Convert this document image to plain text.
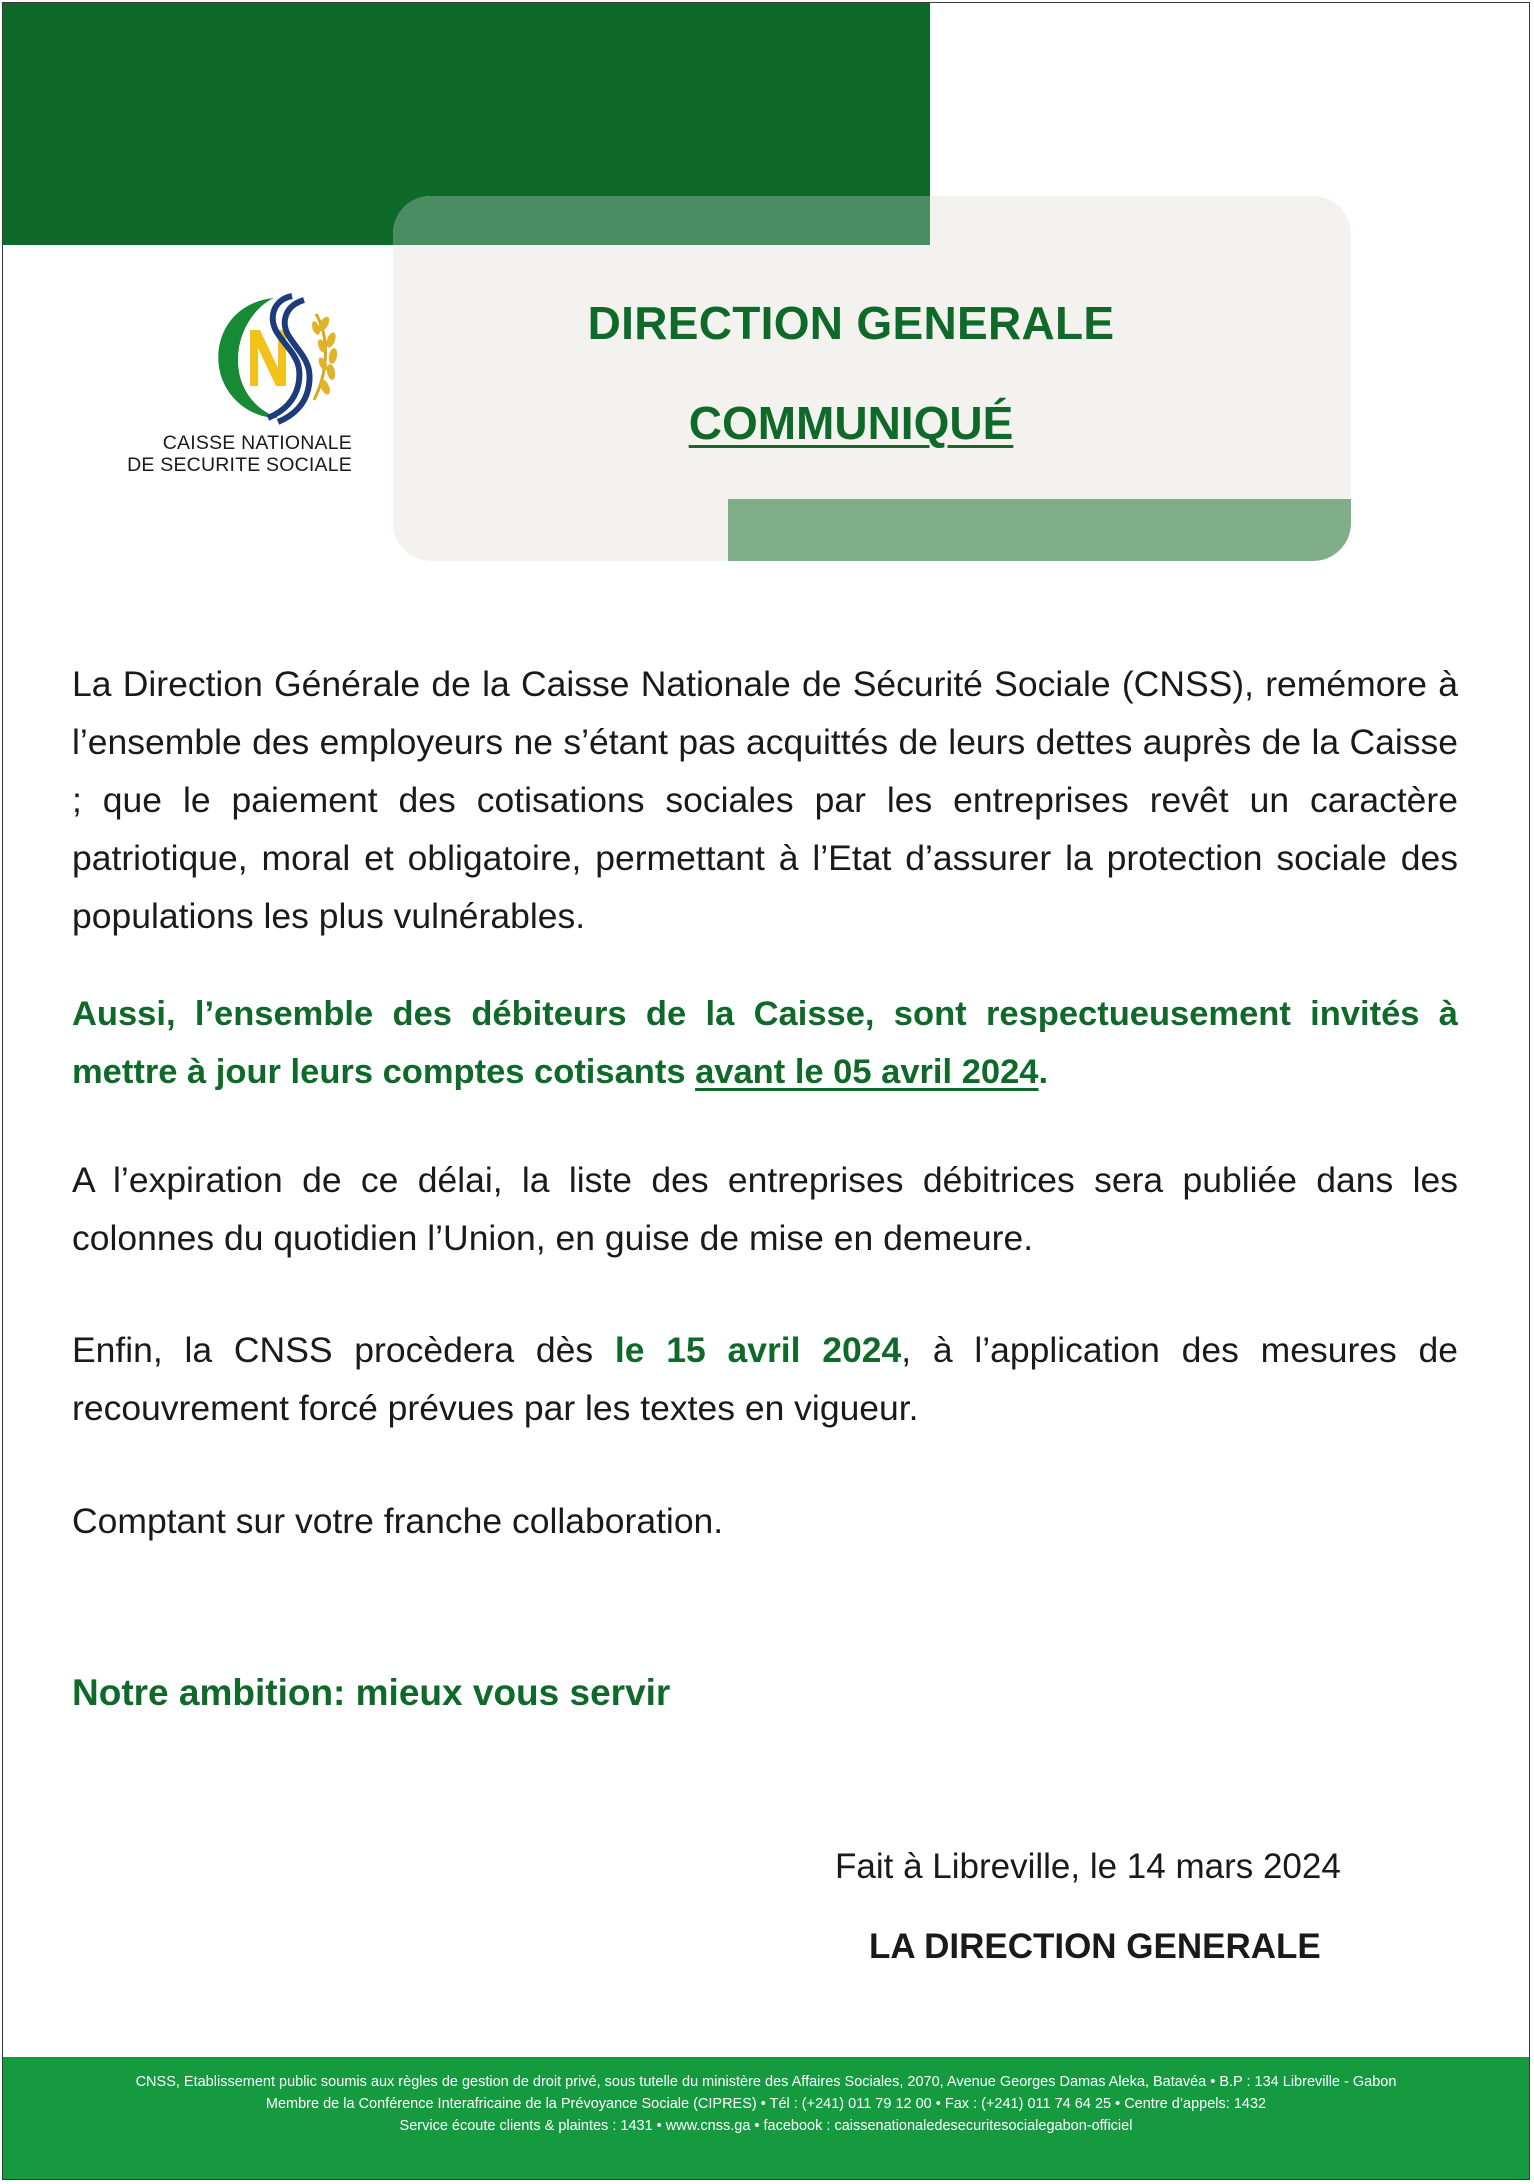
DIRECTION GENERALE
COMMUNIQUÉ
CAISSE NATIONALE
DE SECURITE SOCIALE
La Direction Générale de la Caisse Nationale de Sécurité Sociale (CNSS), remémore à l’ensemble des employeurs ne s’étant pas acquittés de leurs dettes auprès de la Caisse ; que le paiement des cotisations sociales par les entreprises revêt un caractère patriotique, moral et obligatoire, permettant à l’Etat d’assurer la protection sociale des populations les plus vulnérables.
Aussi, l’ensemble des débiteurs de la Caisse, sont respectueusement invités à mettre à jour leurs comptes cotisants avant le 05 avril 2024.
A l’expiration de ce délai, la liste des entreprises débitrices sera publiée dans les colonnes du quotidien l’Union, en guise de mise en demeure.
Enfin, la CNSS procèdera dès le 15 avril 2024, à l’application des mesures de recouvrement forcé prévues par les textes en vigueur.
Comptant sur votre franche collaboration.
Notre ambition: mieux vous servir
Fait à Libreville, le 14 mars 2024
LA DIRECTION GENERALE
CNSS, Etablissement public soumis aux règles de gestion de droit privé, sous tutelle du ministère des Affaires Sociales, 2070, Avenue Georges Damas Aleka, Batavéa • B.P : 134 Libreville - Gabon
Membre de la Conférence Interafricaine de la Prévoyance Sociale (CIPRES) • Tél : (+241) 011 79 12 00 • Fax : (+241) 011 74 64 25 • Centre d’appels: 1432
Service écoute clients & plaintes : 1431 • www.cnss.ga • facebook : caissenationaledesecuritesocialegabon-officiel
